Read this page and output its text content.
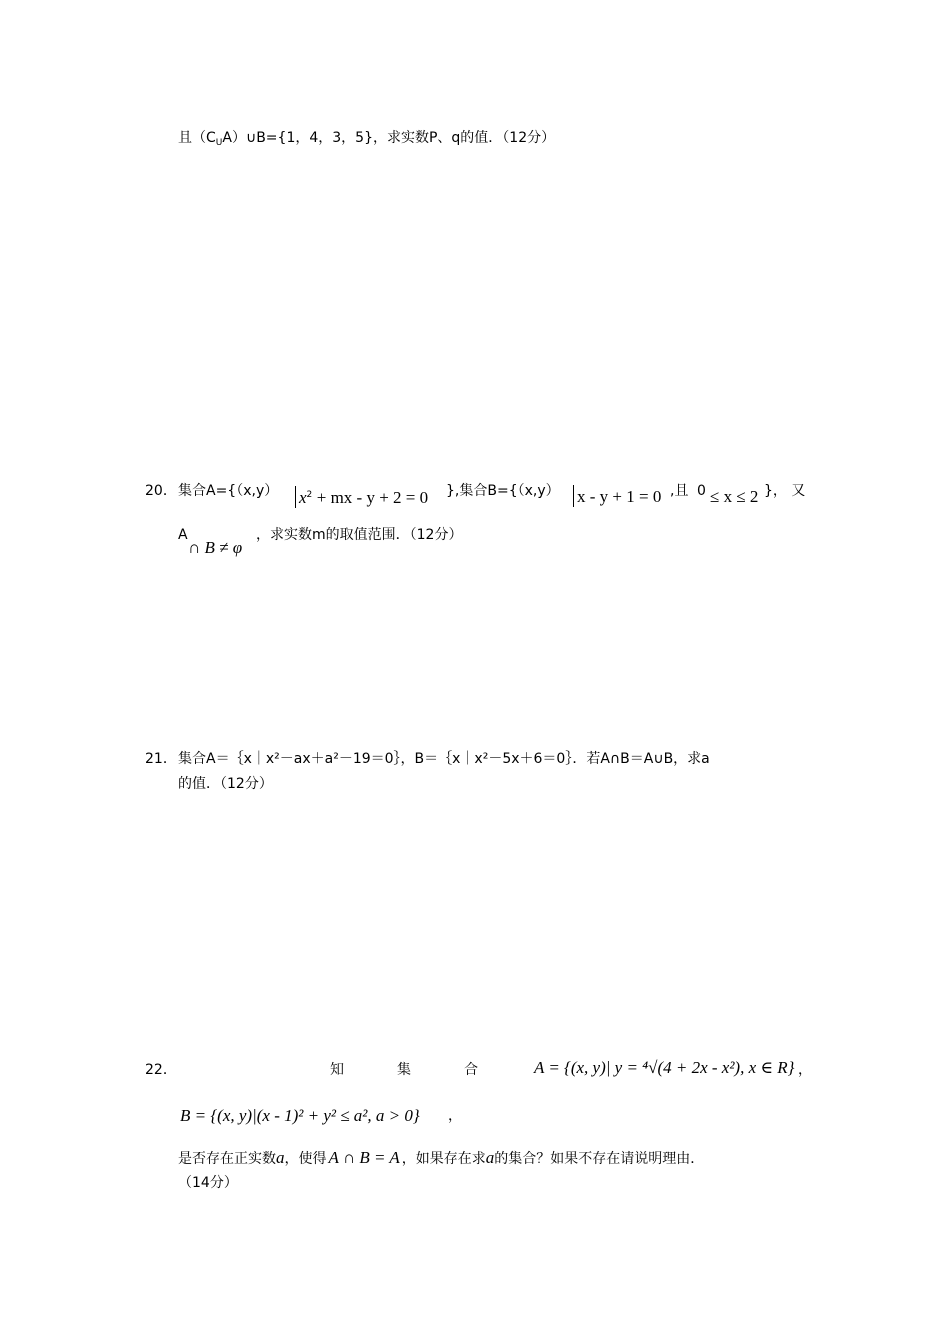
且$(C_UA)\cup B=\{1$，4，3，5}，求实数P、q的值．（12分）
20． 集合A={（x,y）	$x^2$ + mx - y + 2 = 0 },集合B={（x,y）	x - y + 1 = 0 ,且 0 ≤ x ≤ 2 }， 又
A
∩ B ≠ φ
，求实数m的取值范围．（12分）
21． 集合A＝｛x｜x²－ax＋a²－19＝0｝，B＝｛x｜x²－5x＋6＝0｝．若A∩B＝A∪B，求a
的值．（12分）
22．	知	集	合	A = {(x, y)| y = ⁴√(4 + 2x - x²), x ∈ R} ，
B = {(x, y)|(x - 1)² + y² ≤ a², a > 0} ，
是否存在正实数a，使得 A ∩ B = A ，如果存在求a的集合？如果不存在请说明理由．
（14分）
